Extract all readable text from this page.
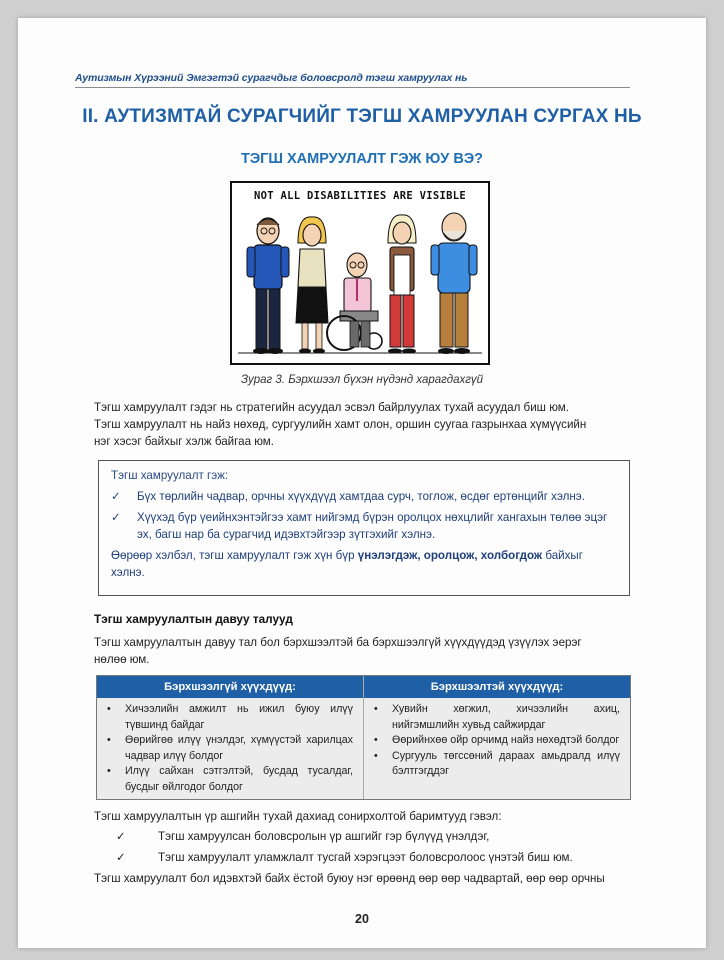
Аутизмын Хүрээний Эмгэгтэй сурагчдыг боловсролд тэгш хамруулах нь
II. АУТИЗМТАЙ СУРАГЧИЙГ ТЭГШ ХАМРУУЛАН СУРГАХ НЬ
ТЭГШ ХАМРУУЛАЛТ ГЭЖ ЮУ ВЭ?
NOT ALL DISABILITIES ARE VISIBLE
Зураг 3. Бэрхшээл бүхэн нүдэнд харагдахгүй
Тэгш хамруулалт гэдэг нь стратегийн асуудал эсвэл байрлуулах тухай асуудал биш юм.
Тэгш хамруулалт нь найз нөхөд, сургуулийн хамт олон, оршин суугаа газрынхаа хүмүүсийн
нэг хэсэг байхыг хэлж байгаа юм.
Тэгш хамруулалт гэж:
✓	Бүх төрлийн чадвар, орчны хүүхдүүд хамтдаа сурч, тоглож, өсдөг ертөнцийг хэлнэ.
✓	Хүүхэд бүр үеийнхэнтэйгээ хамт нийгэмд бүрэн оролцох нөхцлийг хангахын төлөө эцэг эх, багш нар ба сурагчид идэвхтэйгээр зүтгэхийг хэлнэ.
Өөрөөр хэлбэл, тэгш хамруулалт гэж хүн бүр үнэлэгдэж, оролцож, холбогдож байхыг хэлнэ.
Тэгш хамруулалтын давуу талууд
Тэгш хамруулалтын давуу тал бол бэрхшээлтэй ба бэрхшээлгүй хүүхдүүдэд үзүүлэх эерэг
нөлөө юм.
Бэрхшээлгүй хүүхдүүд:
•	Хичээлийн амжилт нь ижил буюу илүү түвшинд байдаг
•	Өөрийгөө илүү үнэлдэг, хүмүүстэй харилцах чадвар илүү болдог
•	Илүү сайхан сэтгэлтэй, бусдад тусалдаг, бусдыг өйлгодог болдог
Бэрхшээлтэй хүүхдүүд:
•	Хувийн хөгжил, хичээлийн ахиц, нийгэмшлийн хувьд сайжирдаг
•	Өөрийнхөө ойр орчимд найз нөхөдтэй болдог
•	Сургууль төгссөний дараах амьдралд илүү бэлтгэгддэг
Тэгш хамруулалтын үр ашгийн тухай дахиад сонирхолтой баримтууд гэвэл:
✓	Тэгш хамруулсан боловсролын үр ашгийг гэр бүлүүд үнэлдэг,
✓	Тэгш хамруулалт уламжлалт тусгай хэрэгцээт боловсролоос үнэтэй биш юм.
Тэгш хамруулалт бол идэвхтэй байх ёстой буюу нэг өрөөнд өөр өөр чадвартай, өөр өөр орчны
20
